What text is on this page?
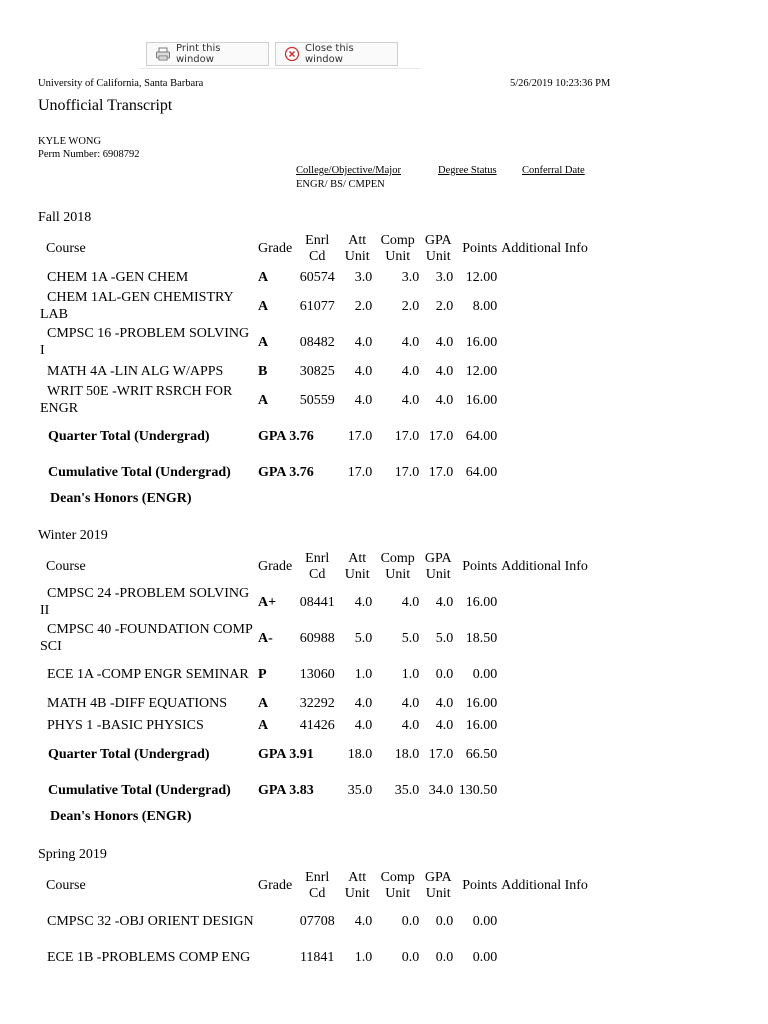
Print this window
Close this window
University of California, Santa Barbara	5/26/2019 10:23:36 PM
Unofficial Transcript
KYLE WONG
Perm Number: 6908792
College/Objective/Major	Degree Status Conferral Date
ENGR/ BS/ CMPEN
Fall 2018
Course	Grade	Enrl Cd	Att Unit	Comp Unit	GPA Unit	Points	Additional Info
CHEM 1A -GEN CHEM	A	60574	3.0	3.0	3.0	12.00	
CHEM 1AL-GEN CHEMISTRY LAB	A	61077	2.0	2.0	2.0	8.00	
CMPSC 16 -PROBLEM SOLVING I	A	08482	4.0	4.0	4.0	16.00	
MATH 4A -LIN ALG W/APPS	B	30825	4.0	4.0	4.0	12.00	
WRIT 50E -WRIT RSRCH FOR ENGR	A	50559	4.0	4.0	4.0	16.00	
Quarter Total (Undergrad)	GPA 3.76		17.0	17.0	17.0	64.00	
Cumulative Total (Undergrad)	GPA 3.76		17.0	17.0	17.0	64.00	
Dean's Honors (ENGR)
Winter 2019
Course	Grade	Enrl Cd	Att Unit	Comp Unit	GPA Unit	Points	Additional Info
CMPSC 24 -PROBLEM SOLVING II	A+	08441	4.0	4.0	4.0	16.00	
CMPSC 40 -FOUNDATION COMP SCI	A-	60988	5.0	5.0	5.0	18.50	
ECE 1A -COMP ENGR SEMINAR	P	13060	1.0	1.0	0.0	0.00	
MATH 4B -DIFF EQUATIONS	A	32292	4.0	4.0	4.0	16.00	
PHYS 1 -BASIC PHYSICS	A	41426	4.0	4.0	4.0	16.00	
Quarter Total (Undergrad)	GPA 3.91		18.0	18.0	17.0	66.50	
Cumulative Total (Undergrad)	GPA 3.83		35.0	35.0	34.0	130.50	
Dean's Honors (ENGR)
Spring 2019
Course	Grade	Enrl Cd	Att Unit	Comp Unit	GPA Unit	Points	Additional Info
CMPSC 32 -OBJ ORIENT DESIGN		07708	4.0	0.0	0.0	0.00	
ECE 1B -PROBLEMS COMP ENG		11841	1.0	0.0	0.0	0.00	
